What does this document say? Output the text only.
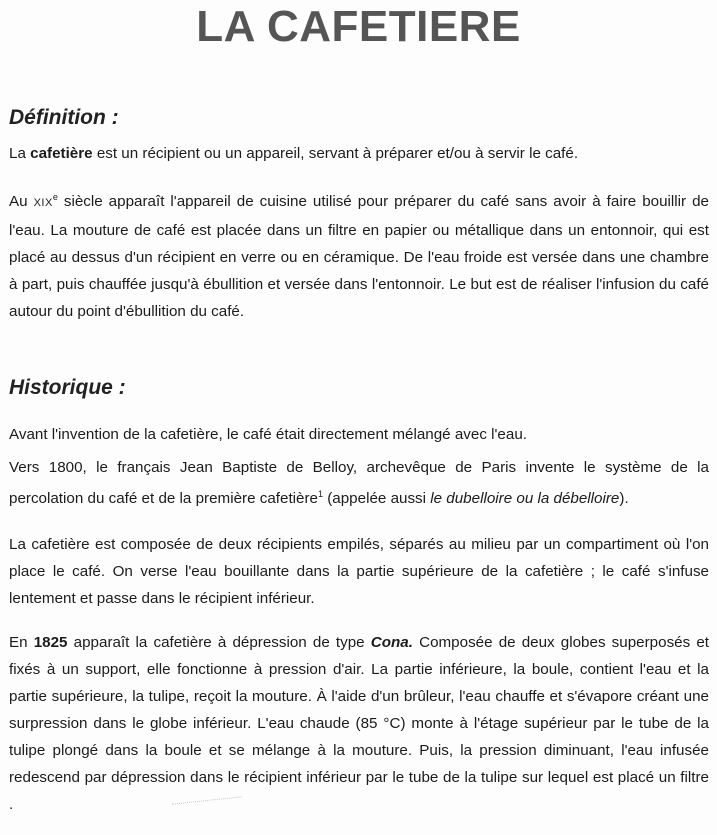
LA CAFETIERE
Définition :
La cafetière est un récipient ou un appareil, servant à préparer et/ou à servir le café.
Au XIXe siècle apparaît l'appareil de cuisine utilisé pour préparer du café sans avoir à faire bouillir de l'eau. La mouture de café est placée dans un filtre en papier ou métallique dans un entonnoir, qui est placé au dessus d'un récipient en verre ou en céramique. De l'eau froide est versée dans une chambre à part, puis chauffée jusqu'à ébullition et versée dans l'entonnoir. Le but est de réaliser l'infusion du café autour du point d'ébullition du café.
Historique :
Avant l'invention de la cafetière, le café était directement mélangé avec l'eau.
Vers 1800, le français Jean Baptiste de Belloy, archevêque de Paris invente le système de la percolation du café et de la première cafetière$^1$ (appelée aussi le dubelloire ou la débelloire).
La cafetière est composée de deux récipients empilés, séparés au milieu par un compartiment où l'on place le café. On verse l'eau bouillante dans la partie supérieure de la cafetière ; le café s'infuse lentement et passe dans le récipient inférieur.
En 1825 apparaît la cafetière à dépression de type Cona. Composée de deux globes superposés et fixés à un support, elle fonctionne à pression d'air. La partie inférieure, la boule, contient l'eau et la partie supérieure, la tulipe, reçoit la mouture. À l'aide d'un brûleur, l'eau chauffe et s'évapore créant une surpression dans le globe inférieur. L'eau chaude (85 °C) monte à l'étage supérieur par le tube de la tulipe plongé dans la boule et se mélange à la mouture. Puis, la pression diminuant, l'eau infusée redescend par dépression dans le récipient inférieur par le tube de la tulipe sur lequel est placé un filtre .
